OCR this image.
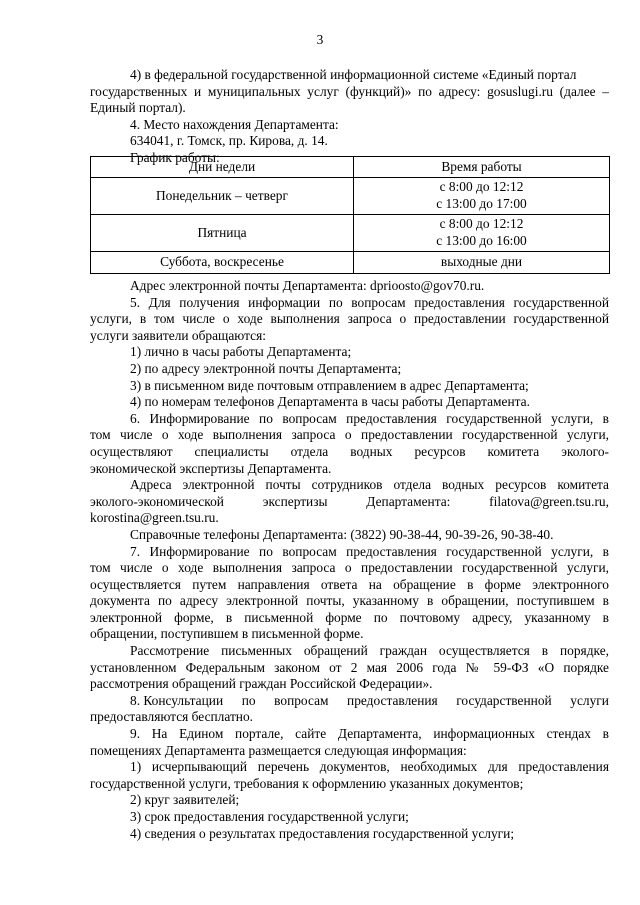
3
4) в федеральной государственной информационной системе «Единый портал
государственных и муниципальных услуг (функций)» по адресу: gosuslugi.ru (далее –
Единый портал).
4. Место нахождения Департамента:
634041, г. Томск, пр. Кирова, д. 14.
График работы:
Дни недели	Время работы
Понедельник – четверг	с 8:00 до 12:12
с 13:00 до 17:00

Пятница	с 8:00 до 12:12
с 13:00 до 16:00

Суббота, воскресенье	выходные дни
Адрес электронной почты Департамента: dprioosto@gov70.ru.
5. Для получения информации по вопросам предоставления государственной
услуги, в том числе о ходе выполнения запроса о предоставлении государственной
услуги заявители обращаются:
1) лично в часы работы Департамента;
2) по адресу электронной почты Департамента;
3) в письменном виде почтовым отправлением в адрес Департамента;
4) по номерам телефонов Департамента в часы работы Департамента.
6. Информирование по вопросам предоставления государственной услуги, в
том числе о ходе выполнения запроса о предоставлении государственной услуги,
осуществляют специалисты отдела водных ресурсов комитета эколого-
экономической экспертизы Департамента.
Адреса электронной почты сотрудников отдела водных ресурсов комитета
эколого-экономической	экспертизы	Департамента:	filatova@green.tsu.ru,
korostina@green.tsu.ru.
Справочные телефоны Департамента: (3822) 90-38-44, 90-39-26, 90-38-40.
7. Информирование по вопросам предоставления государственной услуги, в
том числе о ходе выполнения запроса о предоставлении государственной услуги,
осуществляется путем направления ответа на обращение в форме электронного
документа по адресу электронной почты, указанному в обращении, поступившем в
электронной форме, в письменной форме по почтовому адресу, указанному в
обращении, поступившем в письменной форме.
Рассмотрение письменных обращений граждан осуществляется в порядке,
установленном Федеральным законом от 2 мая 2006 года № 59-ФЗ «О порядке
рассмотрения обращений граждан Российской Федерации».
8. Консультации по вопросам предоставления государственной услуги
предоставляются бесплатно.
9. На Едином портале, сайте Департамента, информационных стендах в
помещениях Департамента размещается следующая информация:
1) исчерпывающий перечень документов, необходимых для предоставления
государственной услуги, требования к оформлению указанных документов;
2) круг заявителей;
3) срок предоставления государственной услуги;
4) сведения о результатах предоставления государственной услуги;
